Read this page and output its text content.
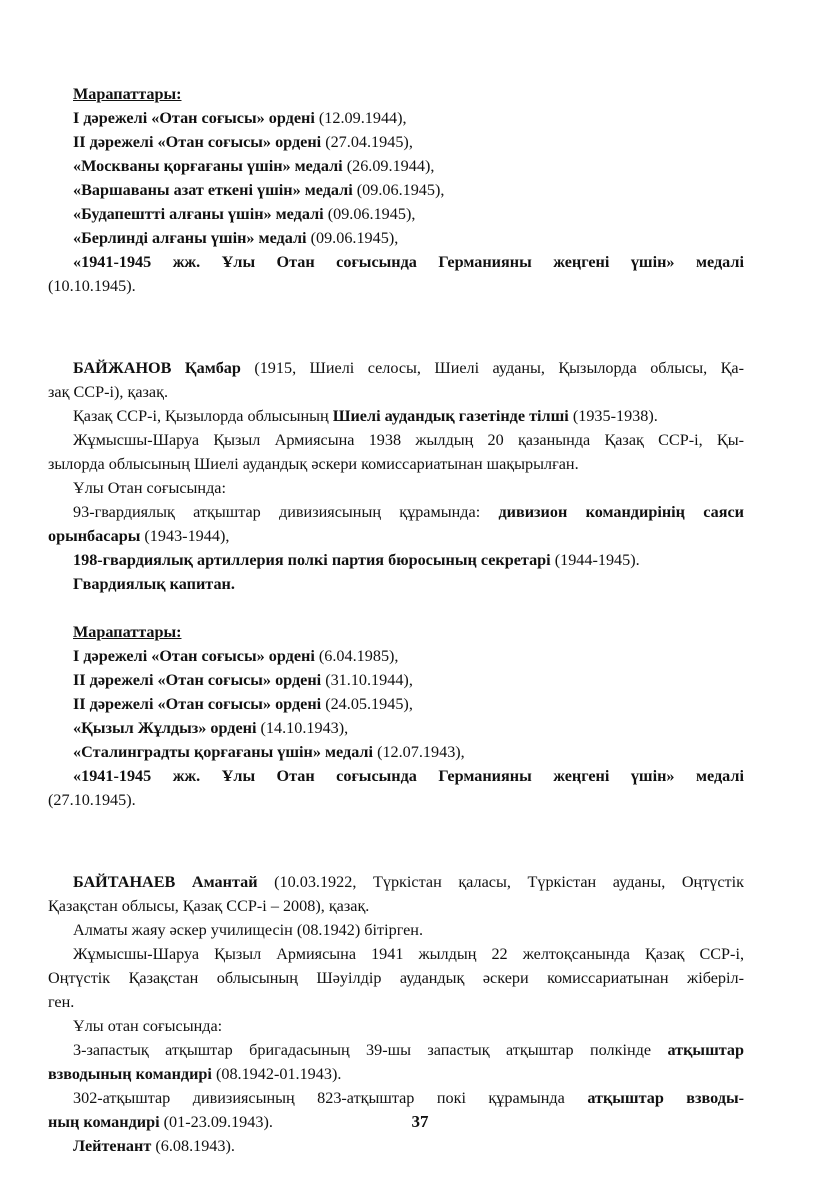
Марапаттары:
I дәрежелі «Отан соғысы» ордені (12.09.1944),
II дәрежелі «Отан соғысы» ордені (27.04.1945),
«Москваны қорғағаны үшін» медалі (26.09.1944),
«Варшаваны азат еткені үшін» медалі (09.06.1945),
«Будапештті алғаны үшін» медалі (09.06.1945),
«Берлинді алғаны үшін» медалі (09.06.1945),
«1941-1945 жж. Ұлы Отан соғысында Германияны жеңгені үшін» медалі
(10.10.1945).
БАЙЖАНОВ Қамбар (1915, Шиелі селосы, Шиелі ауданы, Қызылорда облысы, Қа-
зақ ССР-і), қазақ.
Қазақ ССР-і, Қызылорда облысының Шиелі аудандық газетінде тілші (1935-1938).
Жұмысшы-Шаруа Қызыл Армиясына 1938 жылдың 20 қазанында Қазақ ССР-і, Қы-
зылорда облысының Шиелі аудандық әскери комиссариатынан шақырылған.
Ұлы Отан соғысында:
93-гвардиялық атқыштар дивизиясының құрамында: дивизион командирінің саяси
орынбасары (1943-1944),
198-гвардиялық артиллерия полкі партия бюросының секретарі (1944-1945).
Гвардиялық капитан.
Марапаттары:
I дәрежелі «Отан соғысы» ордені (6.04.1985),
II дәрежелі «Отан соғысы» ордені (31.10.1944),
II дәрежелі «Отан соғысы» ордені (24.05.1945),
«Қызыл Жұлдыз» ордені (14.10.1943),
«Сталинградты қорғағаны үшін» медалі (12.07.1943),
«1941-1945 жж. Ұлы Отан соғысында Германияны жеңгені үшін» медалі
(27.10.1945).
БАЙТАНАЕВ Амантай (10.03.1922, Түркістан қаласы, Түркістан ауданы, Оңтүстік
Қазақстан облысы, Қазақ ССР-і – 2008), қазақ.
Алматы жаяу әскер училищесін (08.1942) бітірген.
Жұмысшы-Шаруа Қызыл Армиясына 1941 жылдың 22 желтоқсанында Қазақ ССР-і,
Оңтүстік Қазақстан облысының Шәуілдір аудандық әскери комиссариатынан жіберіл-
ген.
Ұлы отан соғысында:
3-запастық атқыштар бригадасының 39-шы запастық атқыштар полкінде атқыштар
взводының командирі (08.1942-01.1943).
302-атқыштар дивизиясының 823-атқыштар покі құрамында атқыштар взводы-
ның командирі (01-23.09.1943).
Лейтенант (6.08.1943).
37
